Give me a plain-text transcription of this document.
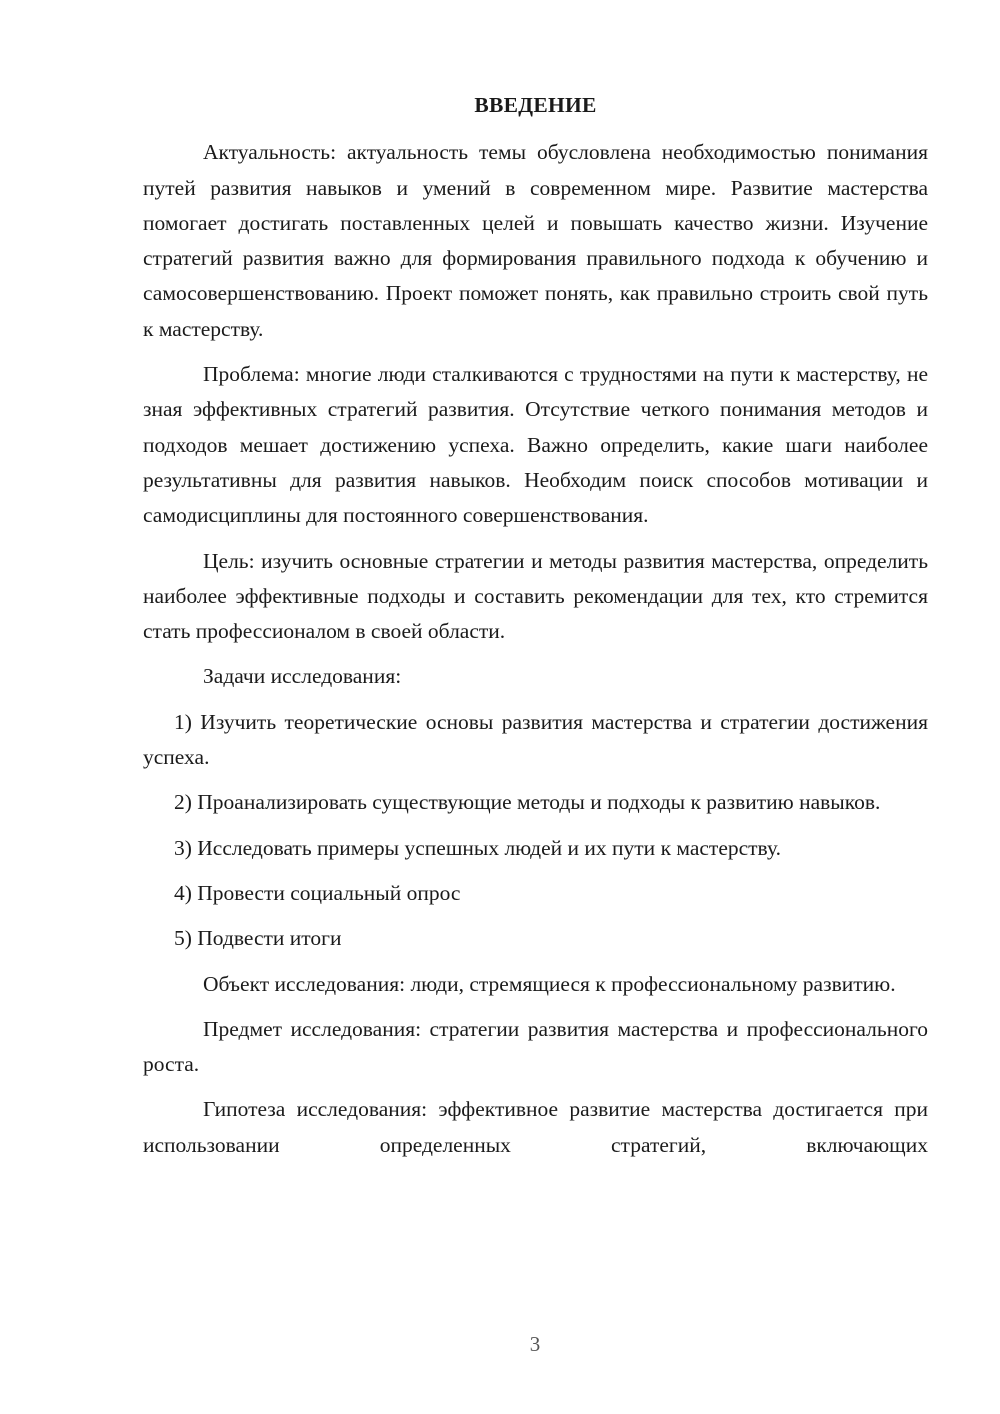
ВВЕДЕНИЕ

Актуальность: актуальность темы обусловлена необходимостью понимания путей развития навыков и умений в современном мире. Развитие мастерства помогает достигать поставленных целей и повышать качество жизни. Изучение стратегий развития важно для формирования правильного подхода к обучению и самосовершенствованию. Проект поможет понять, как правильно строить свой путь к мастерству.

Проблема: многие люди сталкиваются с трудностями на пути к мастерству, не зная эффективных стратегий развития. Отсутствие четкого понимания методов и подходов мешает достижению успеха. Важно определить, какие шаги наиболее результативны для развития навыков. Необходим поиск способов мотивации и самодисциплины для постоянного совершенствования.

Цель: изучить основные стратегии и методы развития мастерства, определить наиболее эффективные подходы и составить рекомендации для тех, кто стремится стать профессионалом в своей области.

Задачи исследования:

1) Изучить теоретические основы развития мастерства и стратегии достижения успеха.

2) Проанализировать существующие методы и подходы к развитию навыков.

3) Исследовать примеры успешных людей и их пути к мастерству.

4) Провести социальный опрос

5) Подвести итоги

Объект исследования: люди, стремящиеся к профессиональному развитию.

Предмет исследования: стратегии развития мастерства и профессионального роста.

Гипотеза исследования: эффективное развитие мастерства достигается при использовании определенных стратегий, включающих

3
